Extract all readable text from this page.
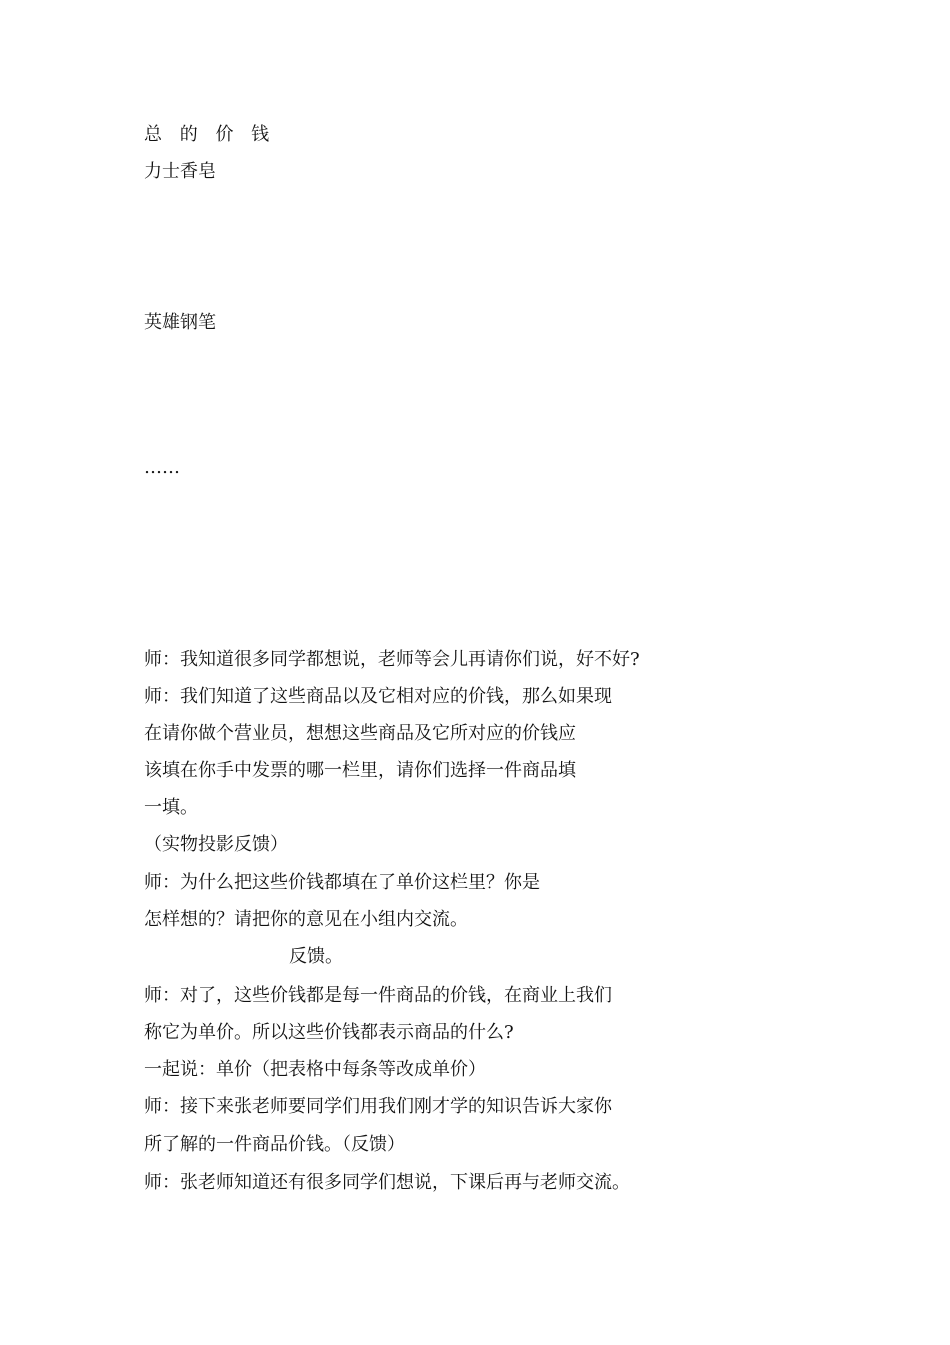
总 的 价 钱
力士香皂
英雄钢笔
……
师：我知道很多同学都想说，老师等会儿再请你们说，好不好?
师：我们知道了这些商品以及它相对应的价钱，那么如果现
在请你做个营业员，想想这些商品及它所对应的价钱应
该填在你手中发票的哪一栏里，请你们选择一件商品填
一填。
（实物投影反馈）
师：为什么把这些价钱都填在了单价这栏里？你是
怎样想的？请把你的意见在小组内交流。
反馈。
师：对了，这些价钱都是每一件商品的价钱，在商业上我们
称它为单价。所以这些价钱都表示商品的什么?
一起说：单价（把表格中每条等改成单价）
师：接下来张老师要同学们用我们刚才学的知识告诉大家你
所了解的一件商品价钱。（反馈）
师：张老师知道还有很多同学们想说，下课后再与老师交流。
